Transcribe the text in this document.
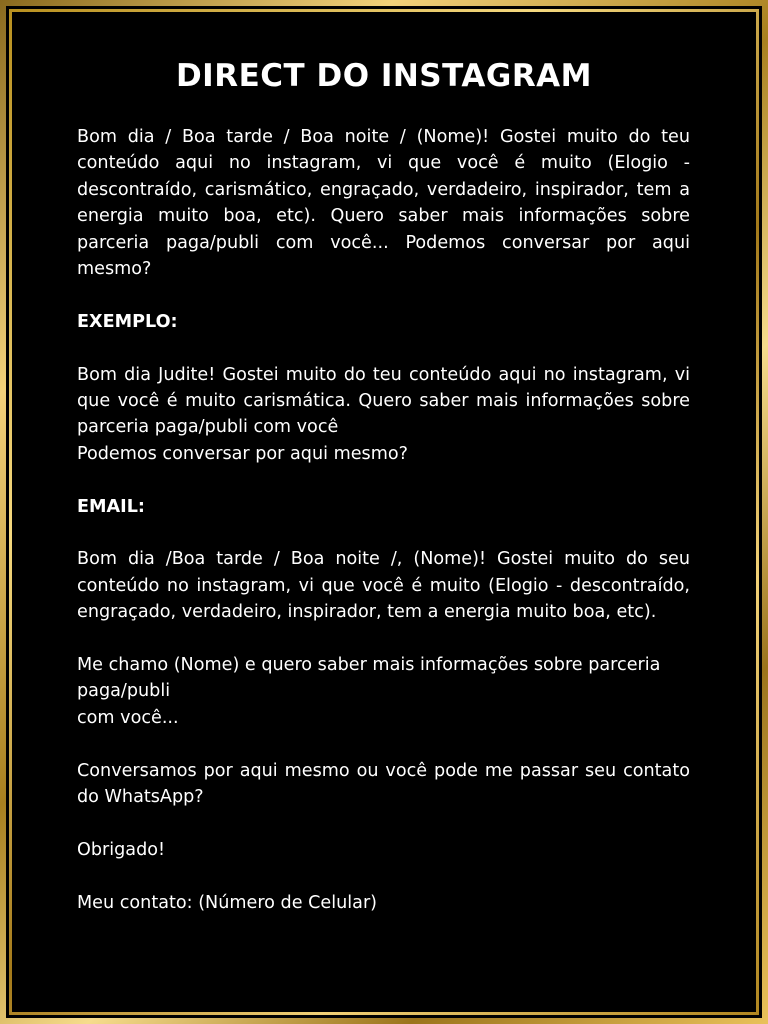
DIRECT DO INSTAGRAM

Bom dia / Boa tarde / Boa noite / (Nome)! Gostei muito do teu conteúdo aqui no instagram, vi que você é muito (Elogio - descontraído, carismático, engraçado, verdadeiro, inspirador, tem a energia muito boa, etc). Quero saber mais informações sobre parceria paga/publi com você... Podemos conversar por aqui mesmo?

EXEMPLO:

Bom dia Judite! Gostei muito do teu conteúdo aqui no instagram, vi que você é muito carismática. Quero saber mais informações sobre parceria paga/publi com você
Podemos conversar por aqui mesmo?

EMAIL:

Bom dia /Boa tarde / Boa noite /, (Nome)! Gostei muito do seu conteúdo no instagram, vi que você é muito (Elogio - descontraído, engraçado, verdadeiro, inspirador, tem a energia muito boa, etc).

Me chamo (Nome) e quero saber mais informações sobre parceria paga/publi
com você...

Conversamos por aqui mesmo ou você pode me passar seu contato do WhatsApp?

Obrigado!

Meu contato: (Número de Celular)
